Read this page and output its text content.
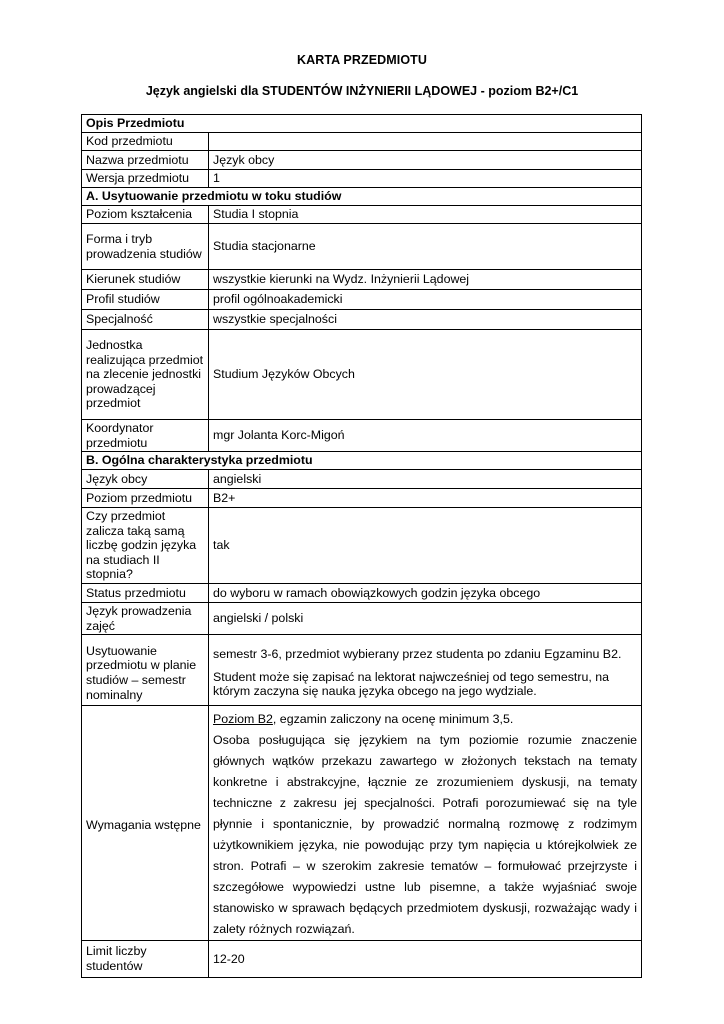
KARTA PRZEDMIOTU
Język angielski dla STUDENTÓW INŻYNIERII LĄDOWEJ - poziom B2+/C1
Opis Przedmiotu	
Kod przedmiotu	
Nazwa przedmiotu	Język obcy
Wersja przedmiotu	1
A. Usytuowanie przedmiotu w toku studiów	
Poziom kształcenia	Studia I stopnia
Forma i tryb prowadzenia studiów	Studia stacjonarne
Kierunek studiów	wszystkie kierunki na Wydz. Inżynierii Lądowej
Profil studiów	profil ogólnoakademicki
Specjalność	wszystkie specjalności
Jednostka realizująca przedmiot na zlecenie jednostki prowadzącej przedmiot	Studium Języków Obcych
Koordynator przedmiotu	mgr Jolanta Korc-Migoń
B. Ogólna charakterystyka przedmiotu	
Język obcy	angielski
Poziom przedmiotu	B2+
Czy przedmiot zalicza taką samą liczbę godzin języka na studiach II stopnia?	tak
Status przedmiotu	do wyboru w ramach obowiązkowych godzin języka obcego
Język prowadzenia zajęć	angielski / polski
Usytuowanie przedmiotu w planie studiów – semestr nominalny	semestr 3-6, przedmiot wybierany przez studenta po zdaniu Egzaminu B2.
Student może się zapisać na lektorat najwcześniej od tego semestru, na którym zaczyna się nauka języka obcego na jego wydziale.

Wymagania wstępne	Poziom B2, egzamin zaliczony na ocenę minimum 3,5.
Osoba posługująca się językiem na tym poziomie rozumie znaczenie głównych wątków przekazu zawartego w złożonych tekstach na tematy konkretne i abstrakcyjne, łącznie ze zrozumieniem dyskusji, na tematy techniczne z zakresu jej specjalności. Potrafi porozumiewać się na tyle płynnie i spontanicznie, by prowadzić normalną rozmowę z rodzimym użytkownikiem języka, nie powodując przy tym napięcia u którejkolwiek ze stron. Potrafi – w szerokim zakresie tematów – formułować przejrzyste i szczegółowe wypowiedzi ustne lub pisemne, a także wyjaśniać swoje stanowisko w sprawach będących przedmiotem dyskusji, rozważając wady i zalety różnych rozwiązań.

Limit liczby studentów	12-20
